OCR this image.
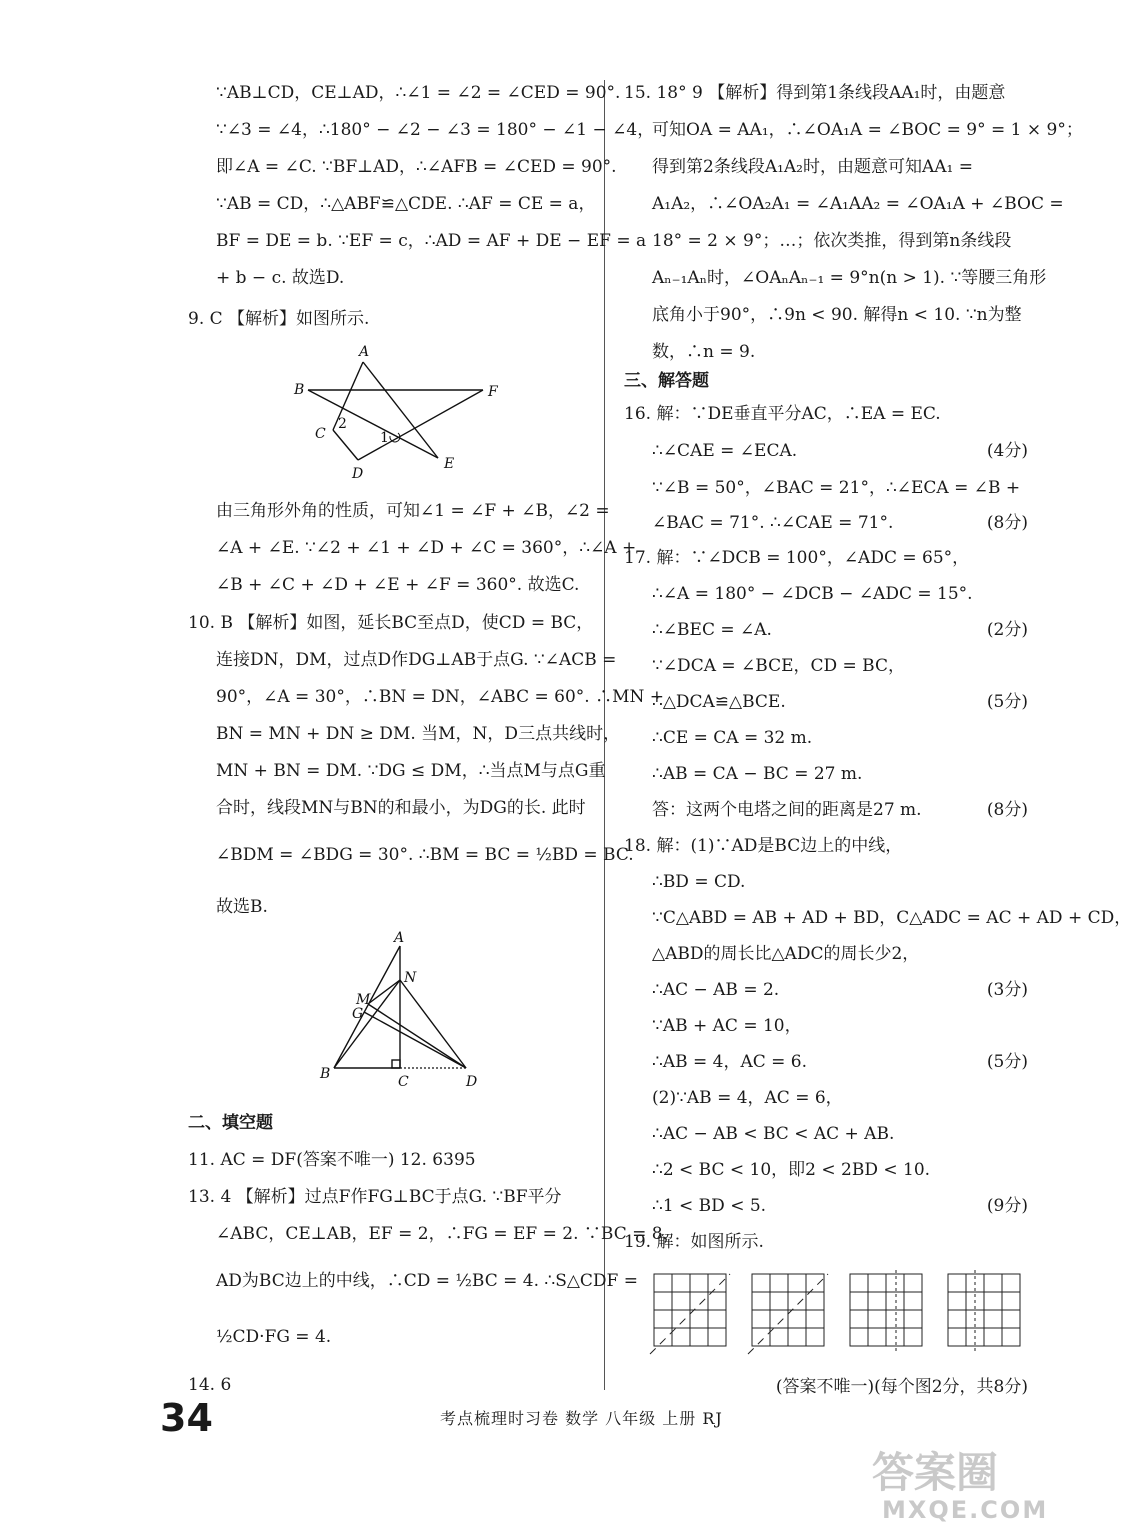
∵AB⊥CD，CE⊥AD，∴∠1 = ∠2 = ∠CED = 90°.
∵∠3 = ∠4，∴180° − ∠2 − ∠3 = 180° − ∠1 − ∠4，
即∠A = ∠C. ∵BF⊥AD，∴∠AFB = ∠CED = 90°.
∵AB = CD，∴△ABF≌△CDE. ∴AF = CE = a，
BF = DE = b. ∵EF = c，∴AD = AF + DE − EF = a
+ b − c. 故选D.
9. C 【解析】如图所示.
A
B	F
C
D
E
1
2
由三角形外角的性质，可知∠1 = ∠F + ∠B，∠2 =
∠A + ∠E. ∵∠2 + ∠1 + ∠D + ∠C = 360°，∴∠A +
∠B + ∠C + ∠D + ∠E + ∠F = 360°. 故选C.
10. B 【解析】如图，延长BC至点D，使CD = BC，
连接DN，DM，过点D作DG⊥AB于点G. ∵∠ACB =
90°，∠A = 30°，∴BN = DN，∠ABC = 60°. ∴MN +
BN = MN + DN ≥ DM. 当M，N，D三点共线时，
MN + BN = DM. ∵DG ≤ DM，∴当点M与点G重
合时，线段MN与BN的和最小，为DG的长. 此时
∠BDM = ∠BDG = 30°. ∴BM = BC = ½BD = BC.
故选B.
A
N
M
G
B	C	D
二、填空题
11. AC = DF(答案不唯一) 12. 6395
13. 4 【解析】过点F作FG⊥BC于点G. ∵BF平分
∠ABC，CE⊥AB，EF = 2，∴FG = EF = 2. ∵BC = 8，
AD为BC边上的中线，∴CD = ½BC = 4. ∴S△CDF =
½CD·FG = 4.
14. 6
15. 18° 9 【解析】得到第1条线段AA₁时，由题意
可知OA = AA₁，∴∠OA₁A = ∠BOC = 9° = 1 × 9°；
得到第2条线段A₁A₂时，由题意可知AA₁ =
A₁A₂，∴∠OA₂A₁ = ∠A₁AA₂ = ∠OA₁A + ∠BOC =
18° = 2 × 9°；…；依次类推，得到第n条线段
Aₙ₋₁Aₙ时，∠OAₙAₙ₋₁ = 9°n(n > 1). ∵等腰三角形
底角小于90°，∴9n < 90. 解得n < 10. ∵n为整
数，∴n = 9.
三、解答题
16. 解：∵DE垂直平分AC，∴EA = EC.
∴∠CAE = ∠ECA.	(4分)
∵∠B = 50°，∠BAC = 21°，∴∠ECA = ∠B +
∠BAC = 71°. ∴∠CAE = 71°.	(8分)
17. 解：∵∠DCB = 100°，∠ADC = 65°，
∴∠A = 180° − ∠DCB − ∠ADC = 15°.
∴∠BEC = ∠A.	(2分)
∵∠DCA = ∠BCE，CD = BC，
∴△DCA≌△BCE.	(5分)
∴CE = CA = 32 m.
∴AB = CA − BC = 27 m.
答：这两个电塔之间的距离是27 m.	(8分)
18. 解：(1)∵AD是BC边上的中线，
∴BD = CD.
∵C△ABD = AB + AD + BD，C△ADC = AC + AD + CD，
△ABD的周长比△ADC的周长少2，
∴AC − AB = 2.	(3分)
∵AB + AC = 10，
∴AB = 4，AC = 6.	(5分)
(2)∵AB = 4，AC = 6，
∴AC − AB < BC < AC + AB.
∴2 < BC < 10，即2 < 2BD < 10.
∴1 < BD < 5.	(9分)
19. 解：如图所示.
(答案不唯一)(每个图2分，共8分)
34	考点梳理时习卷 数学 八年级 上册 RJ
答案圈
MXQE.COM
